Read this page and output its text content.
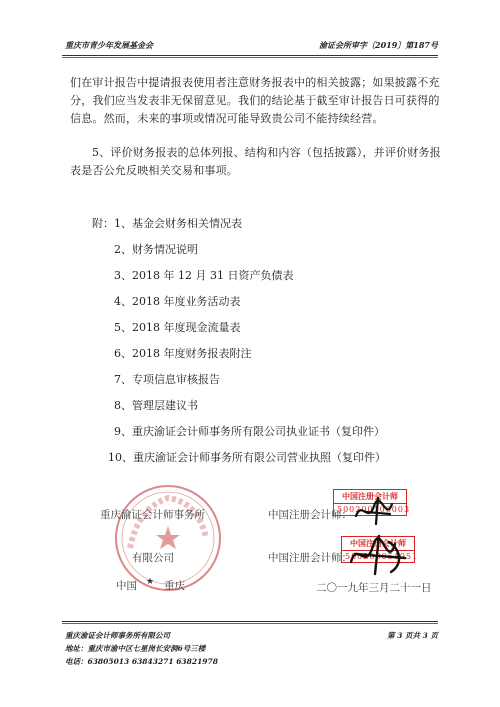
重庆市青少年发展基金会	渝证会所审字〔2019〕第187号
们在审计报告中提请报表使用者注意财务报表中的相关披露；如果披露不充分，我们应当发表非无保留意见。我们的结论基于截至审计报告日可获得的信息。然而，未来的事项或情况可能导致贵公司不能持续经营。
5、评价财务报表的总体列报、结构和内容（包括披露），并评价财务报表是否公允反映相关交易和事项。
附： 1、基金会财务相关情况表
2、财务情况说明
3、2018 年 12 月 31 日资产负债表
4、2018 年度业务活动表
5、2018 年度现金流量表
6、2018 年度财务报表附注
7、专项信息审核报告
8、管理层建议书
9、重庆渝证会计师事务所有限公司执业证书（复印件）
10、重庆渝证会计师事务所有限公司营业执照（复印件）
重庆渝证会计师事务所
有限公司
中国 ★ 重庆
中国注册会计师：
中国注册会计师：
二〇一九年三月二十一日
中国注册会计师
500200100003
中国注册会计师
500200054051
重庆渝证会计师事务所有限公司
地址：重庆市渝中区七星岗长安洞6号三楼
电话：63805013 63843271 63821978
第 3 页共 3 页
